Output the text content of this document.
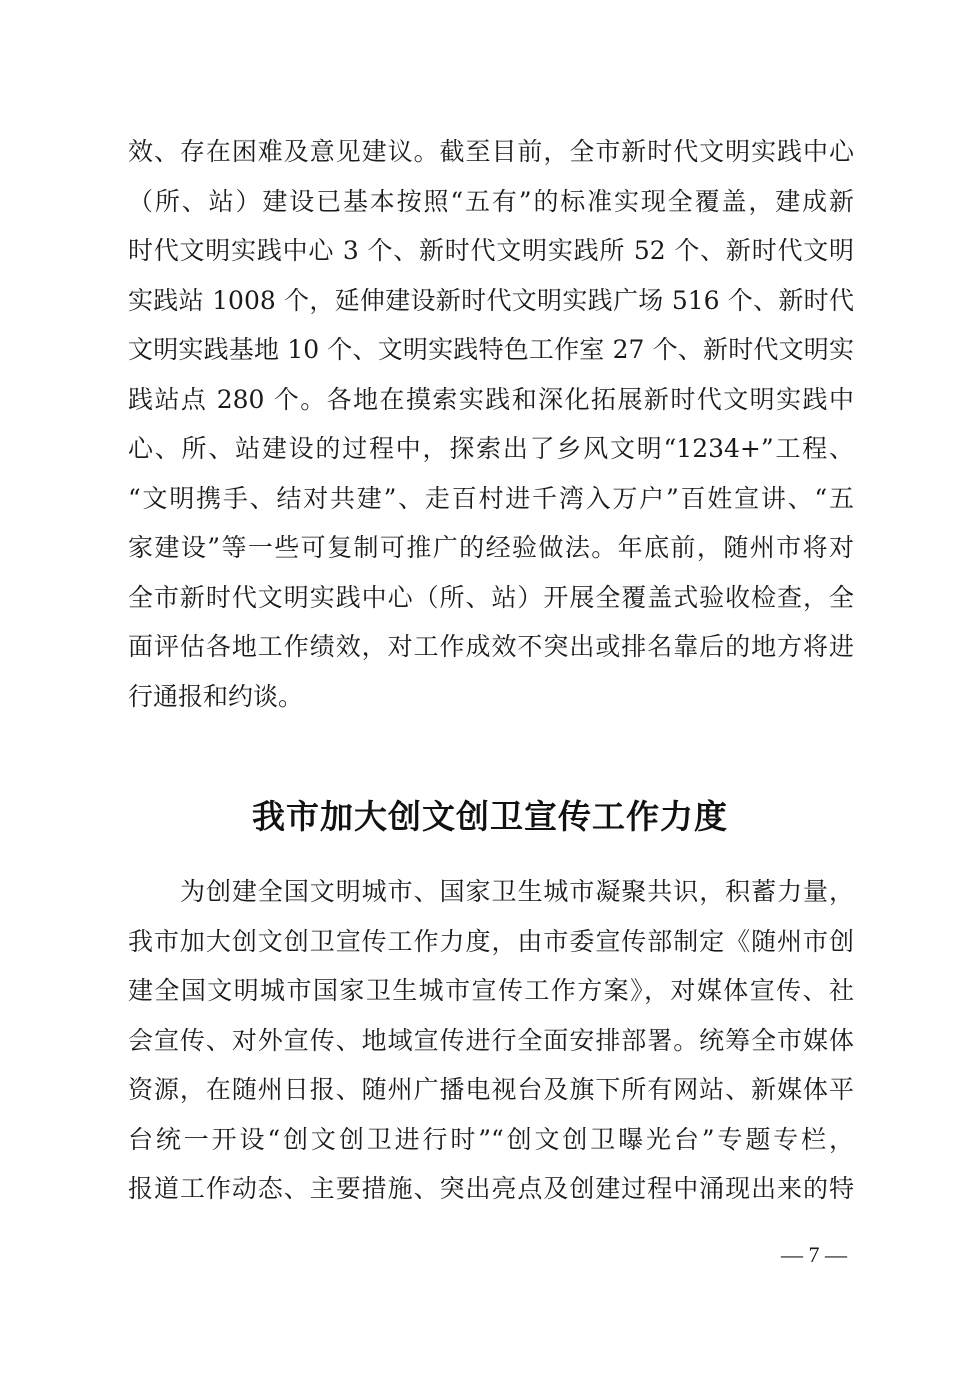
效、存在困难及意见建议。截至目前，全市新时代文明实践中心
（所、站）建设已基本按照“五有”的标准实现全覆盖，建成新
时代文明实践中心 3 个、新时代文明实践所 52 个、新时代文明
实践站 1008 个，延伸建设新时代文明实践广场 516 个、新时代
文明实践基地 10 个、文明实践特色工作室 27 个、新时代文明实
践站点 280 个。各地在摸索实践和深化拓展新时代文明实践中
心、所、站建设的过程中，探索出了乡风文明“1234+”工程、
“文明携手、结对共建”、走百村进千湾入万户”百姓宣讲、“五
家建设”等一些可复制可推广的经验做法。年底前，随州市将对
全市新时代文明实践中心（所、站）开展全覆盖式验收检查，全
面评估各地工作绩效，对工作成效不突出或排名靠后的地方将进
行通报和约谈。
我市加大创文创卫宣传工作力度
为创建全国文明城市、国家卫生城市凝聚共识，积蓄力量，
我市加大创文创卫宣传工作力度，由市委宣传部制定《随州市创
建全国文明城市国家卫生城市宣传工作方案》，对媒体宣传、社
会宣传、对外宣传、地域宣传进行全面安排部署。统筹全市媒体
资源，在随州日报、随州广播电视台及旗下所有网站、新媒体平
台统一开设“创文创卫进行时”“创文创卫曝光台”专题专栏，
报道工作动态、主要措施、突出亮点及创建过程中涌现出来的特
— 7 —
